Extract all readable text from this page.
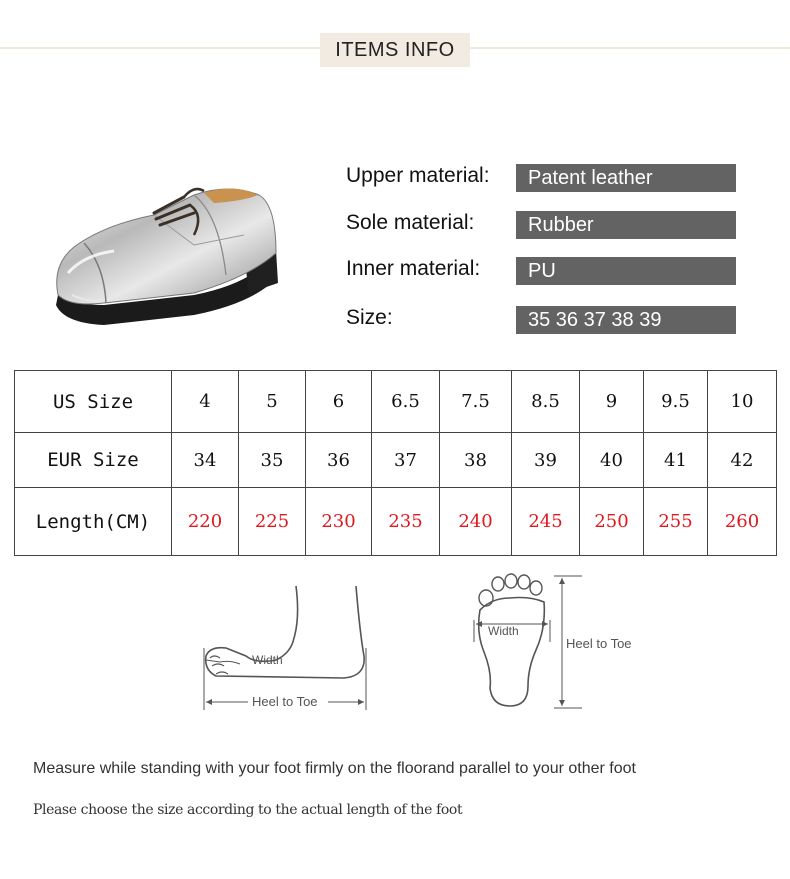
ITEMS INFO
Upper material:	Patent leather
Sole material:	Rubber
Inner material:	PU
Size:	35 36 37 38 39
US Size	4	5	6	6.5	7.5	8.5	9	9.5	10
EUR Size	34	35	36	37	38	39	40	41	42
Length(CM)	220	225	230	235	240	245	250	255	260
Width
Heel to Toe
Width
Heel to Toe
Measure while standing with your foot firmly on the floorand parallel to your other foot
Please choose the size according to the actual length of the foot
